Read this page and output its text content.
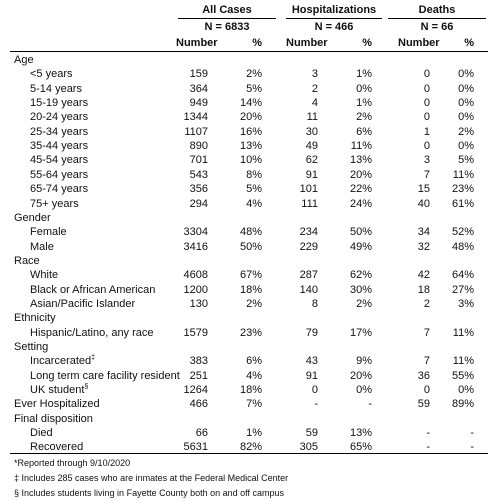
All Cases	Hospitalizations	Deaths
N = 6833	N = 466	N = 66
Number	% Number	% Number	%
Age
<5 years	159	2%	3	1%	0	0%
5-14 years	364	5%	2	0%	0	0%
15-19 years	949	14%	4	1%	0	0%
20-24 years	1344	20%	11	2%	0	0%
25-34 years	1107	16%	30	6%	1	2%
35-44 years	890	13%	49	11%	0	0%
45-54 years	701	10%	62	13%	3	5%
55-64 years	543	8%	91	20%	7	11%
65-74 years	356	5%	101	22%	15	23%
75+ years	294	4%	111	24%	40	61%
Gender
Female	3304	48%	234	50%	34	52%
Male	3416	50%	229	49%	32	48%
Race
White	4608	67%	287	62%	42	64%
Black or African American	1200	18%	140	30%	18	27%
Asian/Pacific Islander	130	2%	8	2%	2	3%
Ethnicity
Hispanic/Latino, any race	1579	23%	79	17%	7	11%
Setting
Incarcerated‡	383	6%	43	9%	7	11%
Long term care facility resident 251	4%	91	20%	36	55%
UK student§	1264	18%	0	0%	0	0%
Ever Hospitalized	466	7%	-	-	59	89%
Final disposition
Died	66	1%	59	13%	-	-
Recovered	5631	82%	305	65%	-	-
*Reported through 9/10/2020
‡ Includes 285 cases who are inmates at the Federal Medical Center
§ Includes students living in Fayette County both on and off campus
